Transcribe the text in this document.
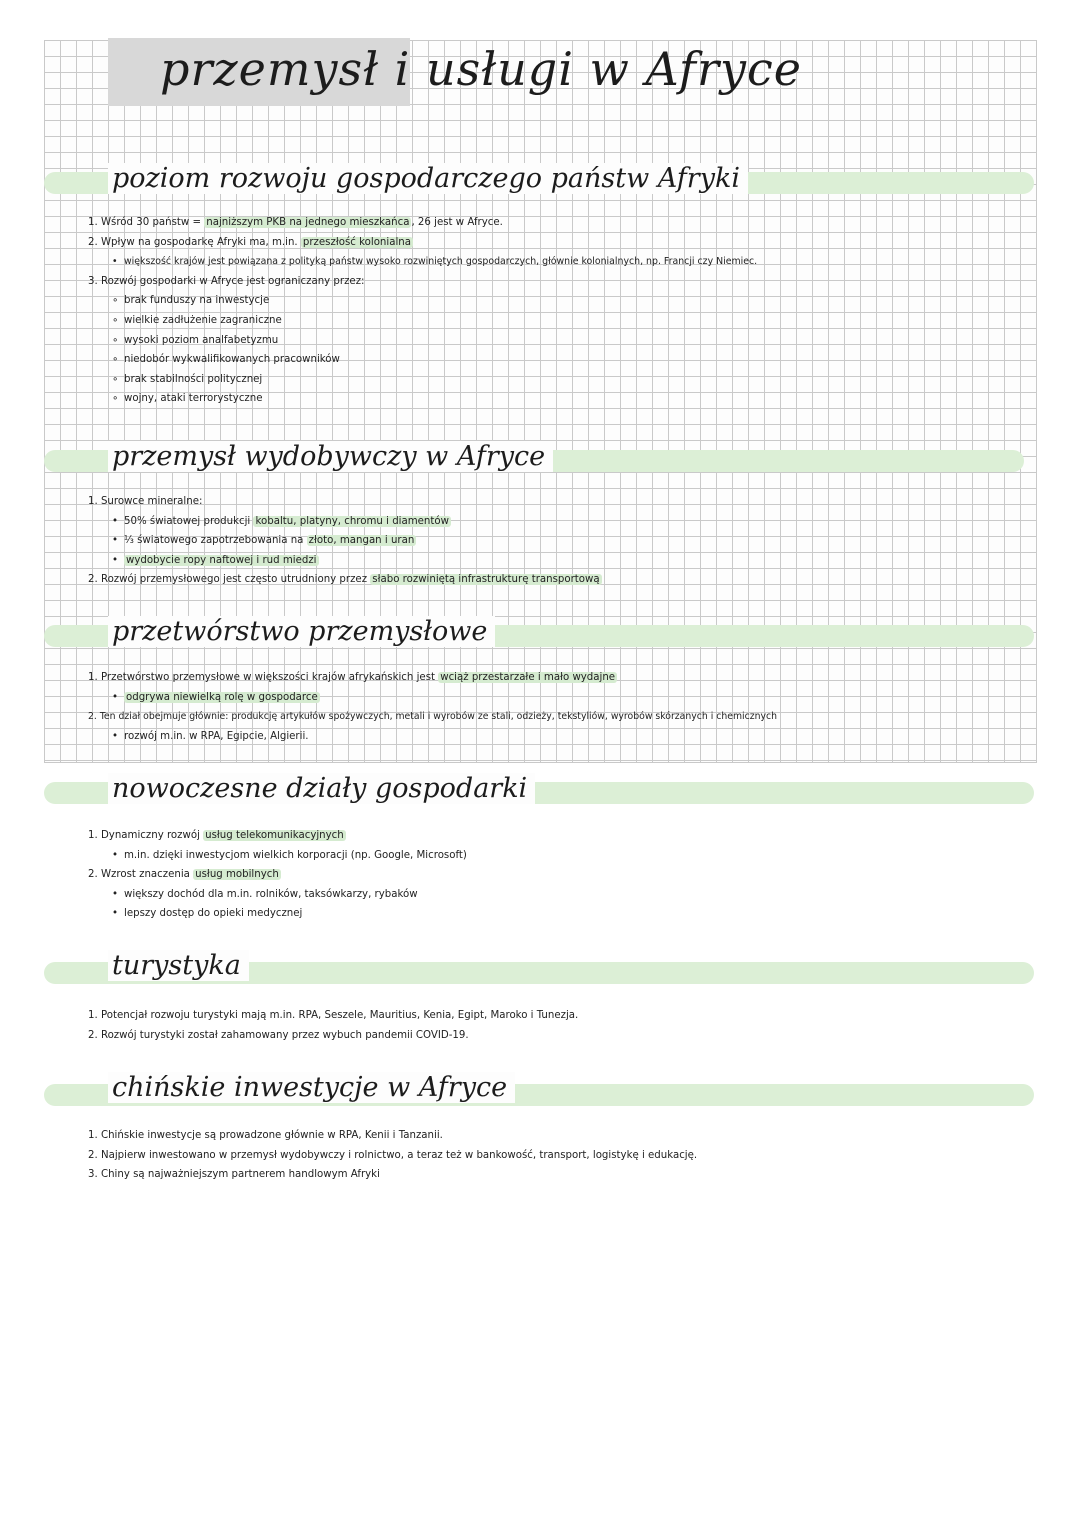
przemysł i usługi w Afryce
poziom rozwoju gospodarczego państw Afryki
1. Wśród 30 państw = najniższym PKB na jednego mieszkańca , 26 jest w Afryce.
2. Wpływ na gospodarkę Afryki ma, m.in. przeszłość kolonialna
• większość krajów jest powiązana z polityką państw wysoko rozwiniętych gospodarczych, głównie kolonialnych, np. Francji czy Niemiec.
3. Rozwój gospodarki w Afryce jest ograniczany przez:
∘ brak funduszy na inwestycje
∘ wielkie zadłużenie zagraniczne
∘ wysoki poziom analfabetyzmu
∘ niedobór wykwalifikowanych pracowników
∘ brak stabilności politycznej
∘ wojny, ataki terrorystyczne
przemysł wydobywczy w Afryce
1. Surowce mineralne:
• 50% światowej produkcji kobaltu, platyny, chromu i diamentów
• ⅓ światowego zapotrzebowania na złoto, mangan i uran
• wydobycie ropy naftowej i rud miedzi
2. Rozwój przemysłowego jest często utrudniony przez słabo rozwiniętą infrastrukturę transportową
przetwórstwo przemysłowe
1. Przetwórstwo przemysłowe w większości krajów afrykańskich jest wciąż przestarzałe i mało wydajne
• odgrywa niewielką rolę w gospodarce
2. Ten dział obejmuje głównie: produkcję artykułów spożywczych, metali i wyrobów ze stali, odzieży, tekstyliów, wyrobów skórzanych i chemicznych
• rozwój m.in. w RPA, Egipcie, Algierii.
nowoczesne działy gospodarki
1. Dynamiczny rozwój usług telekomunikacyjnych
• m.in. dzięki inwestycjom wielkich korporacji (np. Google, Microsoft)
2. Wzrost znaczenia usług mobilnych
• większy dochód dla m.in. rolników, taksówkarzy, rybaków
• lepszy dostęp do opieki medycznej
turystyka
1. Potencjał rozwoju turystyki mają m.in. RPA, Seszele, Mauritius, Kenia, Egipt, Maroko i Tunezja.
2. Rozwój turystyki został zahamowany przez wybuch pandemii COVID-19.
chińskie inwestycje w Afryce
1. Chińskie inwestycje są prowadzone głównie w RPA, Kenii i Tanzanii.
2. Najpierw inwestowano w przemysł wydobywczy i rolnictwo, a teraz też w bankowość, transport, logistykę i edukację.
3. Chiny są najważniejszym partnerem handlowym Afryki
